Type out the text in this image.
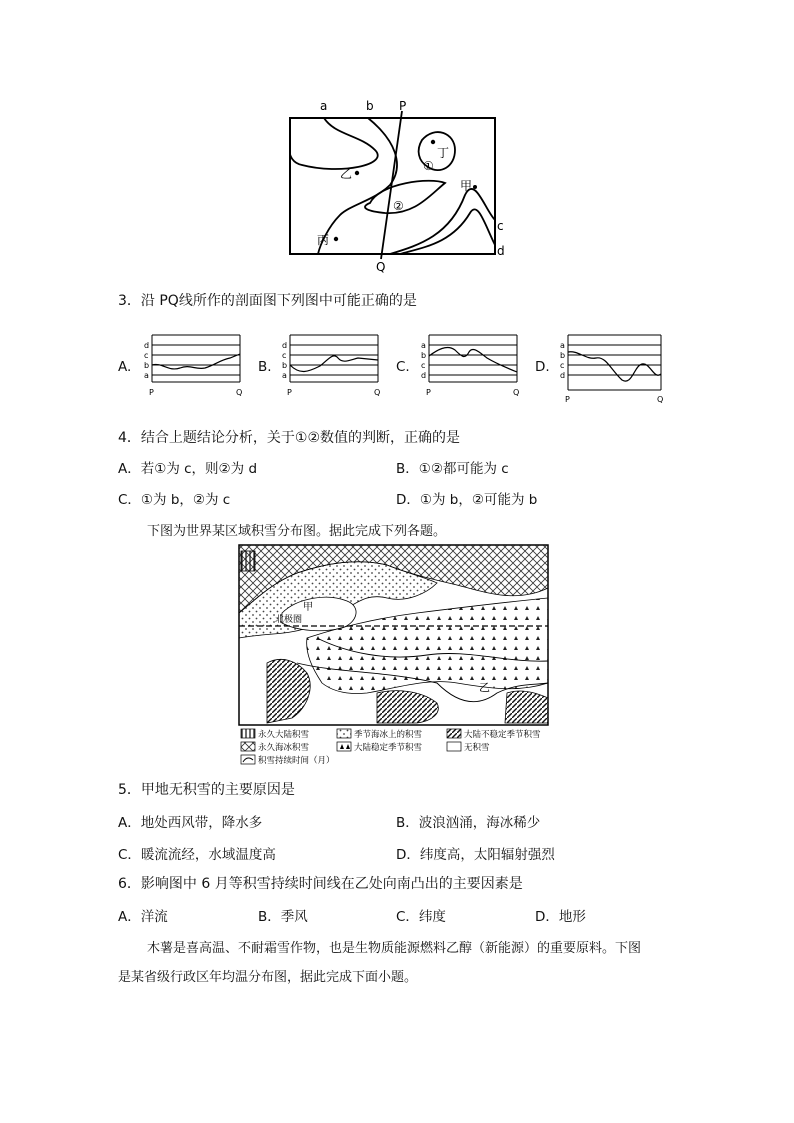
a	b P
c
d
Q
乙
丙
甲
丁
①
②
3．沿 PQ线所作的剖面图下列图中可能正确的是
A.
d
c
b
a
P	Q
B.
d
c
b
a
P	Q
C.
a
b
c
d
P	Q
D.
a
b
c
d
P	Q
4．结合上题结论分析，关于①②数值的判断，正确的是
A．若①为 c，则②为 d	B．①②都可能为 c
C．①为 b，②为 c	D．①为 b，②可能为 b
下图为世界某区域积雪分布图。据此完成下列各题。
北极圈
甲
乙
永久大陆积雪	季节海冰上的积雪	大陆不稳定季节积雪
永久海冰积雪	大陆稳定季节积雪	无积雪
积雪持续时间（月）
5．甲地无积雪的主要原因是
A．地处西风带，降水多	B．波浪汹涌，海冰稀少
C．暖流流经，水域温度高	D．纬度高，太阳辐射强烈
6．影响图中 6 月等积雪持续时间线在乙处向南凸出的主要因素是
A．洋流	B．季风	C．纬度	D．地形
木薯是喜高温、不耐霜雪作物，也是生物质能源燃料乙醇（新能源）的重要原料。下图
是某省级行政区年均温分布图，据此完成下面小题。
